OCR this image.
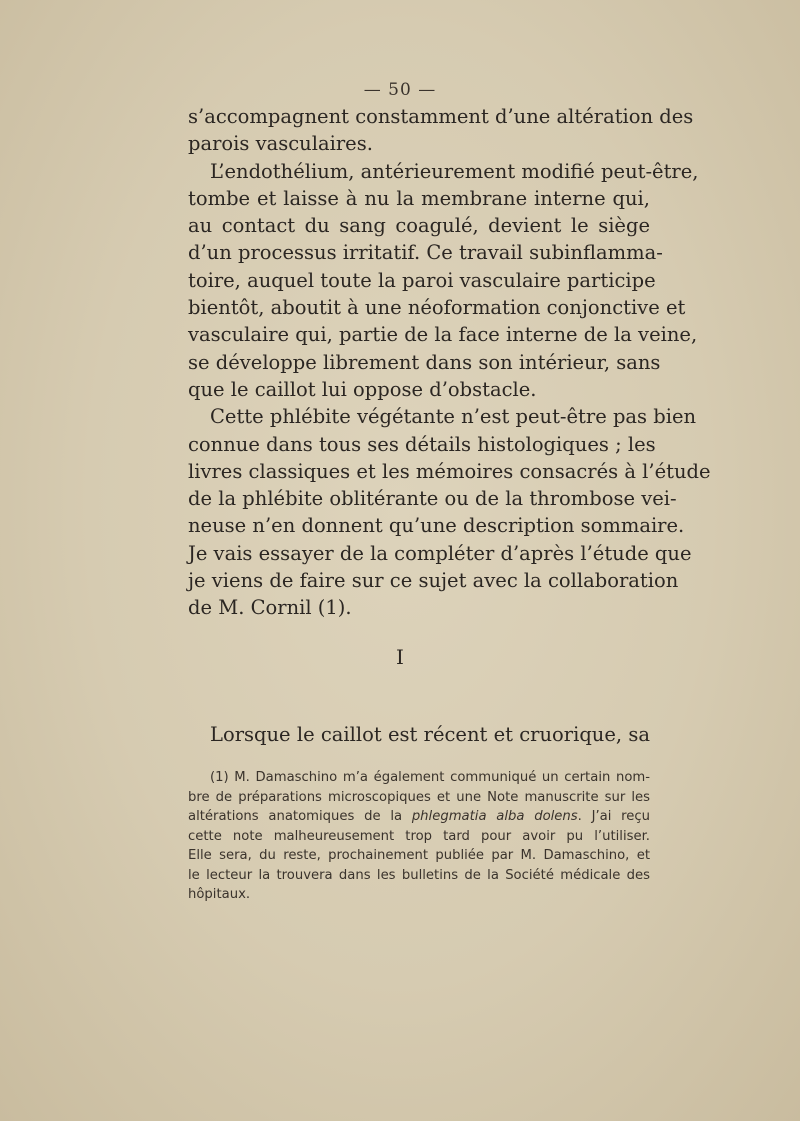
— 50 —
s’accompagnent constamment d’une altération des
parois vasculaires.
L’endothélium, antérieurement modifié peut-être,
tombe et laisse à nu la membrane interne qui,
au contact du sang coagulé, devient le siège
d’un processus irritatif. Ce travail subinflamma-
toire, auquel toute la paroi vasculaire participe
bientôt, aboutit à une néoformation conjonctive et
vasculaire qui, partie de la face interne de la veine,
se développe librement dans son intérieur, sans
que le caillot lui oppose d’obstacle.
Cette phlébite végétante n’est peut-être pas bien
connue dans tous ses détails histologiques ; les
livres classiques et les mémoires consacrés à l’étude
de la phlébite oblitérante ou de la thrombose vei-
neuse n’en donnent qu’une description sommaire.
Je vais essayer de la compléter d’après l’étude que
je viens de faire sur ce sujet avec la collaboration
de M. Cornil (1).
I
Lorsque le caillot est récent et cruorique, sa
(1) M. Damaschino m’a également communiqué un certain nom-
bre de préparations microscopiques et une Note manuscrite sur les
altérations anatomiques de la phlegmatia alba dolens. J’ai reçu
cette note malheureusement trop tard pour avoir pu l’utiliser.
Elle sera, du reste, prochainement publiée par M. Damaschino, et
le lecteur la trouvera dans les bulletins de la Société médicale des
hôpitaux.
